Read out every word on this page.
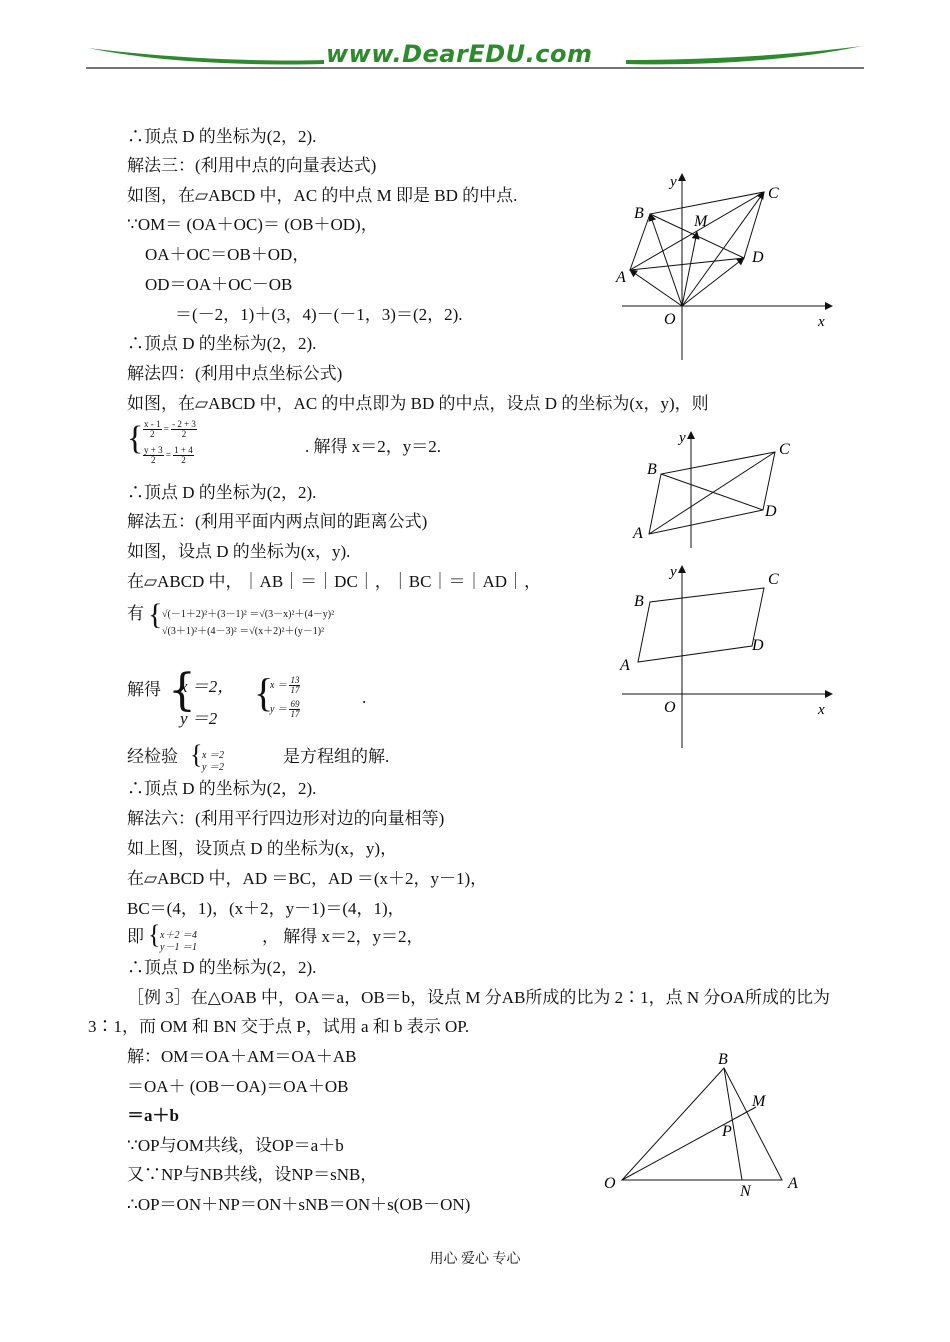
www.DearEDU.com
∴顶点 D 的坐标为(2，2).
解法三：(利用中点的向量表达式)
如图，在▱ABCD 中，AC 的中点 M 即是 BD 的中点.
∵OM＝ (OA＋OC)＝ (OB＋OD)，
OA＋OC＝OB＋OD，
OD＝OA＋OC－OB
＝(－2，1)＋(3，4)－(－1，3)＝(2，2).
∴顶点 D 的坐标为(2，2).
解法四：(利用中点坐标公式)
如图，在▱ABCD 中，AC 的中点即为 BD 的中点，设点 D 的坐标为(x，y)，则
{ $\frac{x - 1}{2} = \frac{- 2 + 3}{2}$
$\frac{y + 3}{2} = \frac{1 + 4}{2}$	. 解得 x＝2，y＝2.
∴顶点 D 的坐标为(2，2).
解法五：(利用平面内两点间的距离公式)
如图，设点 D 的坐标为(x，y).
在▱ABCD 中，｜AB｜＝｜DC｜，｜BC｜＝｜AD｜，
有 { √(－1＋2)²＋(3－1)² ＝√(3－x)²＋(4－y)²
√(3＋1)²＋(4－3)² ＝√(x＋2)²＋(y－1)²
解得 {
x ＝2，
y ＝2
{
$x = \frac{13}{17}$
$y = \frac{69}{17}$
.
经检验 { x ＝2
y ＝2
是方程组的解.
∴顶点 D 的坐标为(2，2).
解法六：(利用平行四边形对边的向量相等)
如上图，设顶点 D 的坐标为(x，y)，
在▱ABCD 中，AD ＝BC，AD ＝(x＋2，y－1)，
BC＝(4，1)，(x＋2，y－1)＝(4，1)，
即 { x＋2 ＝4
y－1 ＝1
， 解得 x＝2，y＝2，
∴顶点 D 的坐标为(2，2).
［例 3］在△OAB 中，OA＝a，OB＝b，设点 M 分AB所成的比为 2∶1，点 N 分OA所成的比为
3∶1，而 OM 和 BN 交于点 P，试用 a 和 b 表示 OP.
解：OM＝OA＋AM＝OA＋AB
＝OA＋ (OB－OA)＝OA＋OB
＝a＋b
∵OP与OM共线，设OP＝a＋b
又∵NP与NB共线，设NP＝sNB，
∴OP＝ON＋NP＝ON＋sNB＝ON＋s(OB－ON)
y
x
O
A
B
C
D
M
y
A
B
C
D
y
x
O
A
B
C
D
B
M
P
O	N A
用心 爱心 专心
